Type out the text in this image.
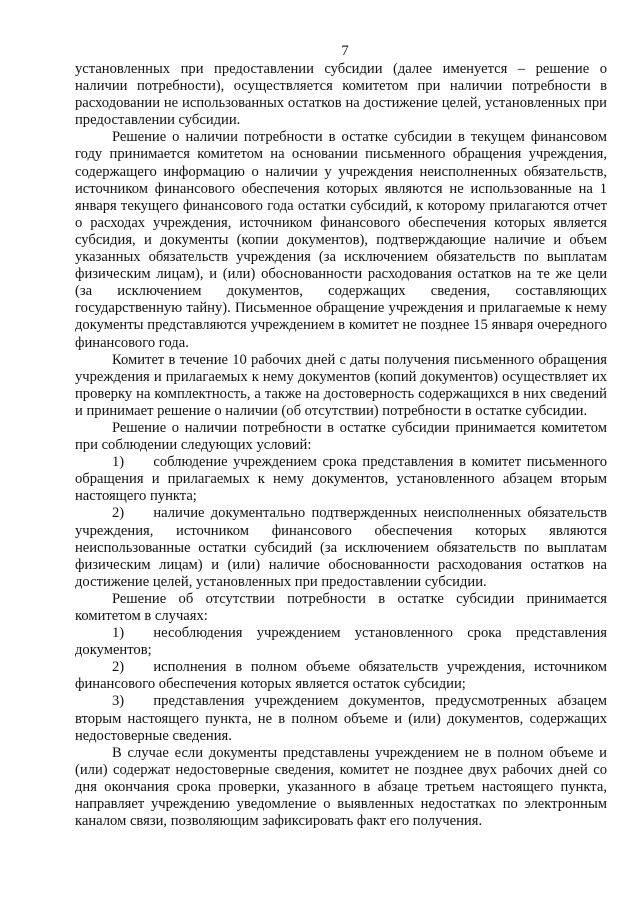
7

установленных при предоставлении субсидии (далее именуется – решение о наличии потребности), осуществляется комитетом при наличии потребности в расходовании не использованных остатков на достижение целей, установленных при предоставлении субсидии.

Решение о наличии потребности в остатке субсидии в текущем финансовом году принимается комитетом на основании письменного обращения учреждения, содержащего информацию о наличии у учреждения неисполненных обязательств, источником финансового обеспечения которых являются не использованные на 1 января текущего финансового года остатки субсидий, к которому прилагаются отчет о расходах учреждения, источником финансового обеспечения которых является субсидия, и документы (копии документов), подтверждающие наличие и объем указанных обязательств учреждения (за исключением обязательств по выплатам физическим лицам), и (или) обоснованности расходования остатков на те же цели (за исключением документов, содержащих сведения, составляющих государственную тайну). Письменное обращение учреждения и прилагаемые к нему документы представляются учреждением в комитет не позднее 15 января очередного финансового года.

Комитет в течение 10 рабочих дней с даты получения письменного обращения учреждения и прилагаемых к нему документов (копий документов) осуществляет их проверку на комплектность, а также на достоверность содержащихся в них сведений и принимает решение о наличии (об отсутствии) потребности в остатке субсидии.

Решение о наличии потребности в остатке субсидии принимается комитетом при соблюдении следующих условий:

1)  соблюдение учреждением срока представления в комитет письменного обращения и прилагаемых к нему документов, установленного абзацем вторым настоящего пункта;

2)  наличие документально подтвержденных неисполненных обязательств учреждения, источником финансового обеспечения которых являются неиспользованные остатки субсидий (за исключением обязательств по выплатам физическим лицам) и (или) наличие обоснованности расходования остатков на достижение целей, установленных при предоставлении субсидии.

Решение об отсутствии потребности в остатке субсидии принимается комитетом в случаях:

1)  несоблюдения учреждением установленного срока представления документов;

2)  исполнения в полном объеме обязательств учреждения, источником финансового обеспечения которых является остаток субсидии;

3)  представления учреждением документов, предусмотренных абзацем вторым настоящего пункта, не в полном объеме и (или) документов, содержащих недостоверные сведения.

В случае если документы представлены учреждением не в полном объеме и (или) содержат недостоверные сведения, комитет не позднее двух рабочих дней со дня окончания срока проверки, указанного в абзаце третьем настоящего пункта, направляет учреждению уведомление о выявленных недостатках по электронным каналом связи, позволяющим зафиксировать факт его получения.
